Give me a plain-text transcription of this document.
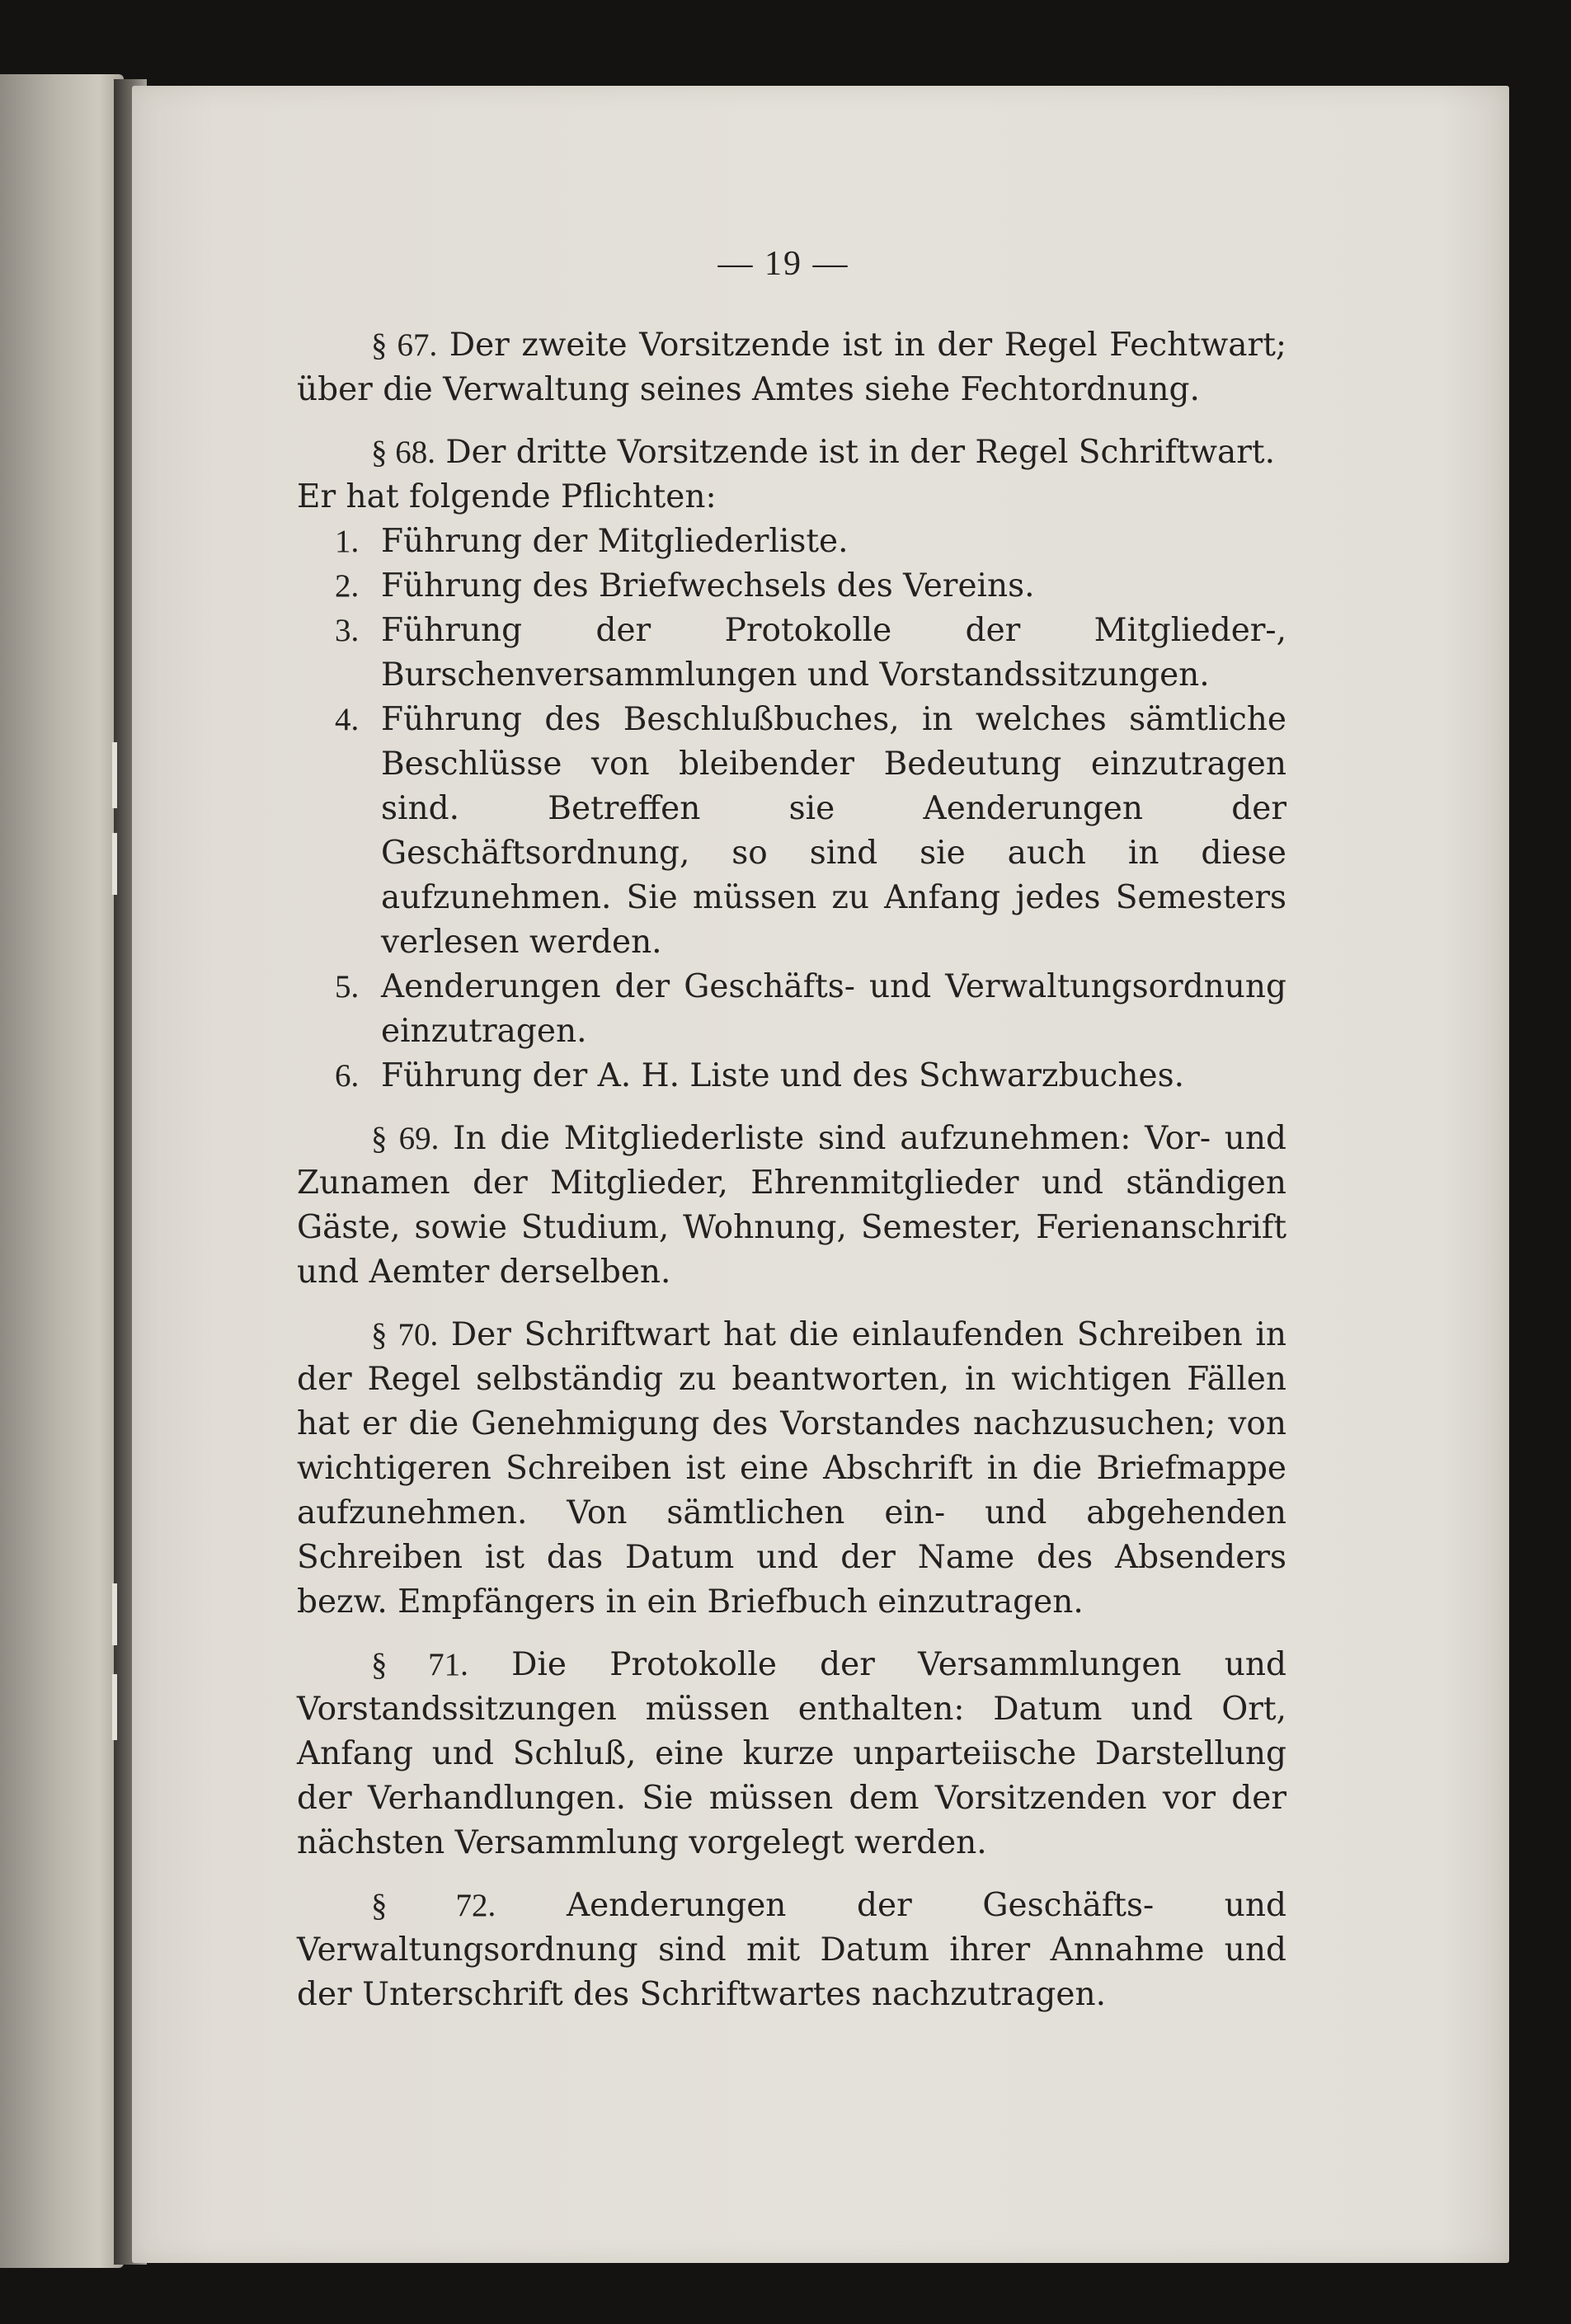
— 19 —

§ 67. Der zweite Vorsitzende ist in der Regel Fechtwart; über die Verwaltung seines Amtes siehe Fechtordnung.

§ 68. Der dritte Vorsitzende ist in der Regel Schriftwart.

Er hat folgende Pflichten:

1. Führung der Mitgliederliste.
2. Führung des Briefwechsels des Vereins.
3. Führung der Protokolle der Mitglieder-, Burschenversammlungen und Vorstandssitzungen.
4. Führung des Beschlußbuches, in welches sämtliche Beschlüsse von bleibender Bedeutung einzutragen sind. Betreffen sie Aenderungen der Geschäftsordnung, so sind sie auch in diese aufzunehmen. Sie müssen zu Anfang jedes Semesters verlesen werden.
5. Aenderungen der Geschäfts- und Verwaltungsordnung einzutragen.
6. Führung der A. H. Liste und des Schwarzbuches.

§ 69. In die Mitgliederliste sind aufzunehmen: Vor- und Zunamen der Mitglieder, Ehrenmitglieder und ständigen Gäste, sowie Studium, Wohnung, Semester, Ferienanschrift und Aemter derselben.

§ 70. Der Schriftwart hat die einlaufenden Schreiben in der Regel selbständig zu beantworten, in wichtigen Fällen hat er die Genehmigung des Vorstandes nachzusuchen; von wichtigeren Schreiben ist eine Abschrift in die Briefmappe aufzunehmen. Von sämtlichen ein- und abgehenden Schreiben ist das Datum und der Name des Absenders bezw. Empfängers in ein Briefbuch einzutragen.

§ 71. Die Protokolle der Versammlungen und Vorstandssitzungen müssen enthalten: Datum und Ort, Anfang und Schluß, eine kurze unparteiische Darstellung der Verhandlungen. Sie müssen dem Vorsitzenden vor der nächsten Versammlung vorgelegt werden.

§ 72. Aenderungen der Geschäfts- und Verwaltungsordnung sind mit Datum ihrer Annahme und der Unterschrift des Schriftwartes nachzutragen.
